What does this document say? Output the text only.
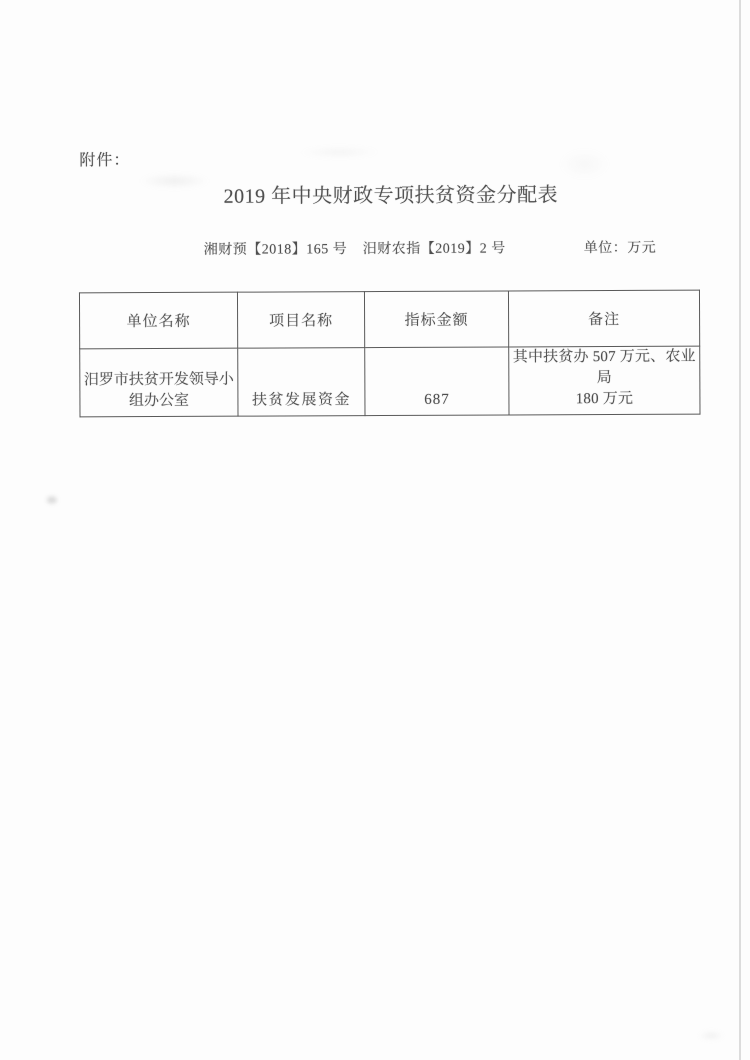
附件：
2019 年中央财政专项扶贫资金分配表
湘财预【2018】165 号 汨财农指【2019】2 号	单位：万元
单位名称	项目名称	指标金额	备注
汨罗市扶贫开发领导小
组办公室	扶贫发展资金	687	其中扶贫办 507 万元、农业局
180 万元
